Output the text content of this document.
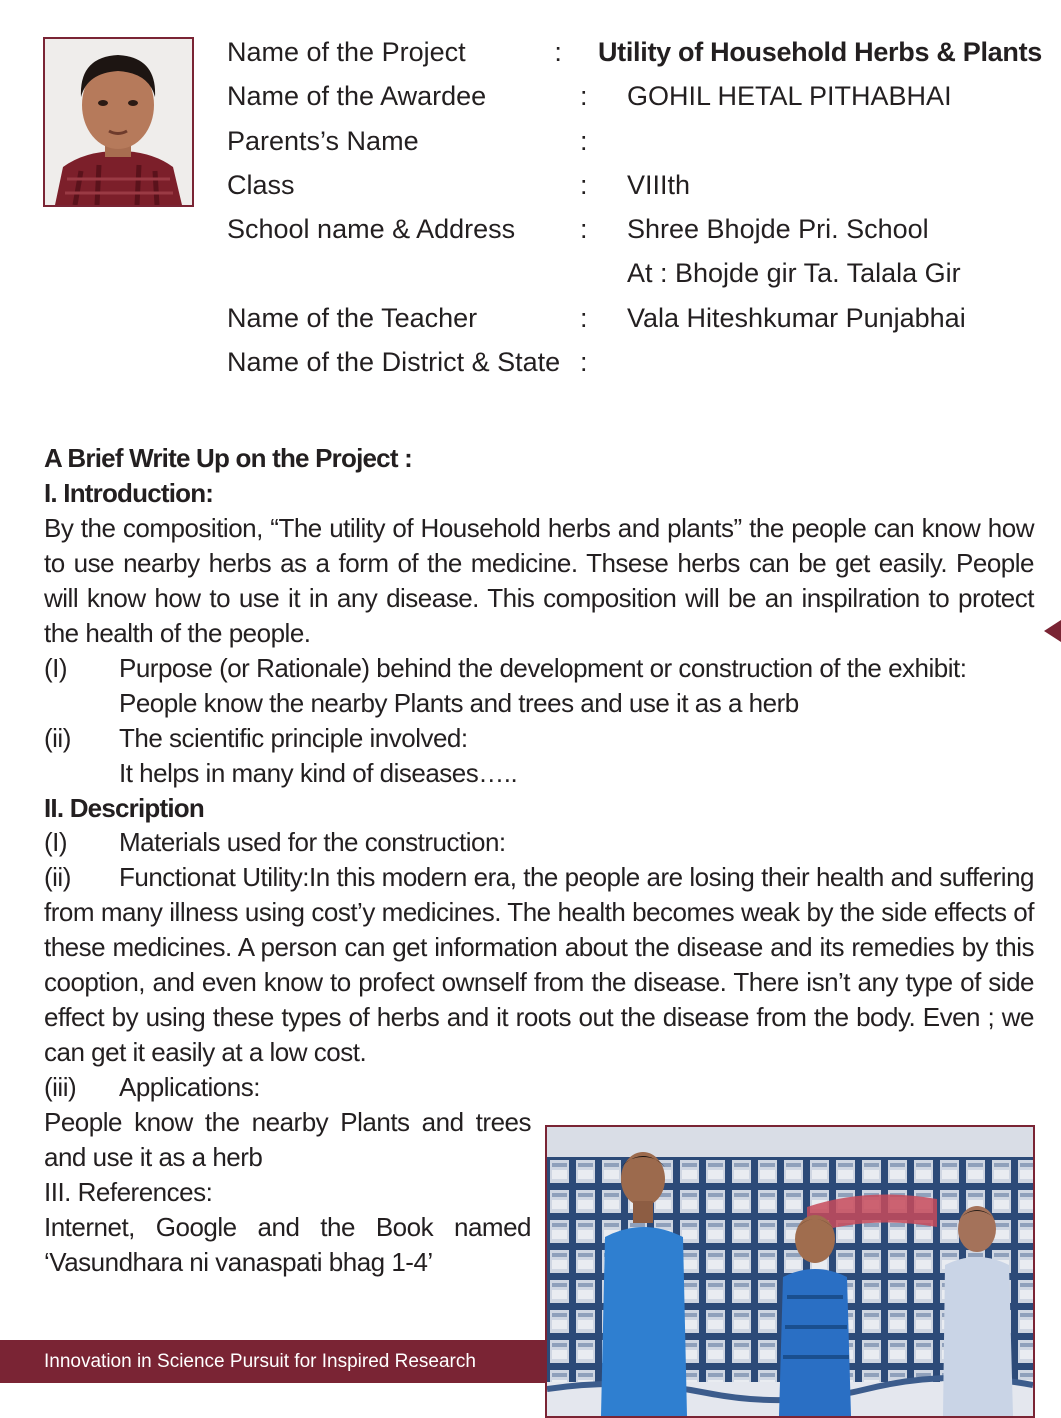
Name of the Project	:	Utility of Household Herbs & Plants
Name of the Awardee	:	GOHIL HETAL PITHABHAI
Parents’s Name	:
Class	:	VIIIth
School name & Address	:	Shree Bhojde Pri. School
At : Bhojde gir Ta. Talala Gir
Name of the Teacher	:	Vala Hiteshkumar Punjabhai
Name of the District & State :
A Brief Write Up on the Project :
I. Introduction:
By the composition, “The utility of Household herbs and plants” the people can know how to use nearby herbs as a form of the medicine. Thsese herbs can be get easily. People will know how to use it in any disease. This composition will be an inspilration to protect the health of the people.
(I)	Purpose (or Rationale) behind the development or construction of the exhibit:
People know the nearby Plants and trees and use it as a herb
(ii)	The scientific principle involved:
It helps in many kind of diseases…..
II. Description
(I)	Materials used for the construction:
(ii) Functionat Utility:In this modern era, the people are losing their health and suffering from many illness using cost’y medicines. The health becomes weak by the side effects of these medicines. A person can get information about the disease and its remedies by this cooption, and even know to profect ownself from the disease. There isn’t any type of side effect by using these types of herbs and it roots out the disease from the body. Even ; we can get it easily at a low cost.
(iii)	Applications:
People know the nearby Plants and trees and use it as a herb
III. References:
Internet, Google and the Book named ‘Vasundhara ni vanaspati bhag 1-4’
Innovation in Science Pursuit for Inspired Research
